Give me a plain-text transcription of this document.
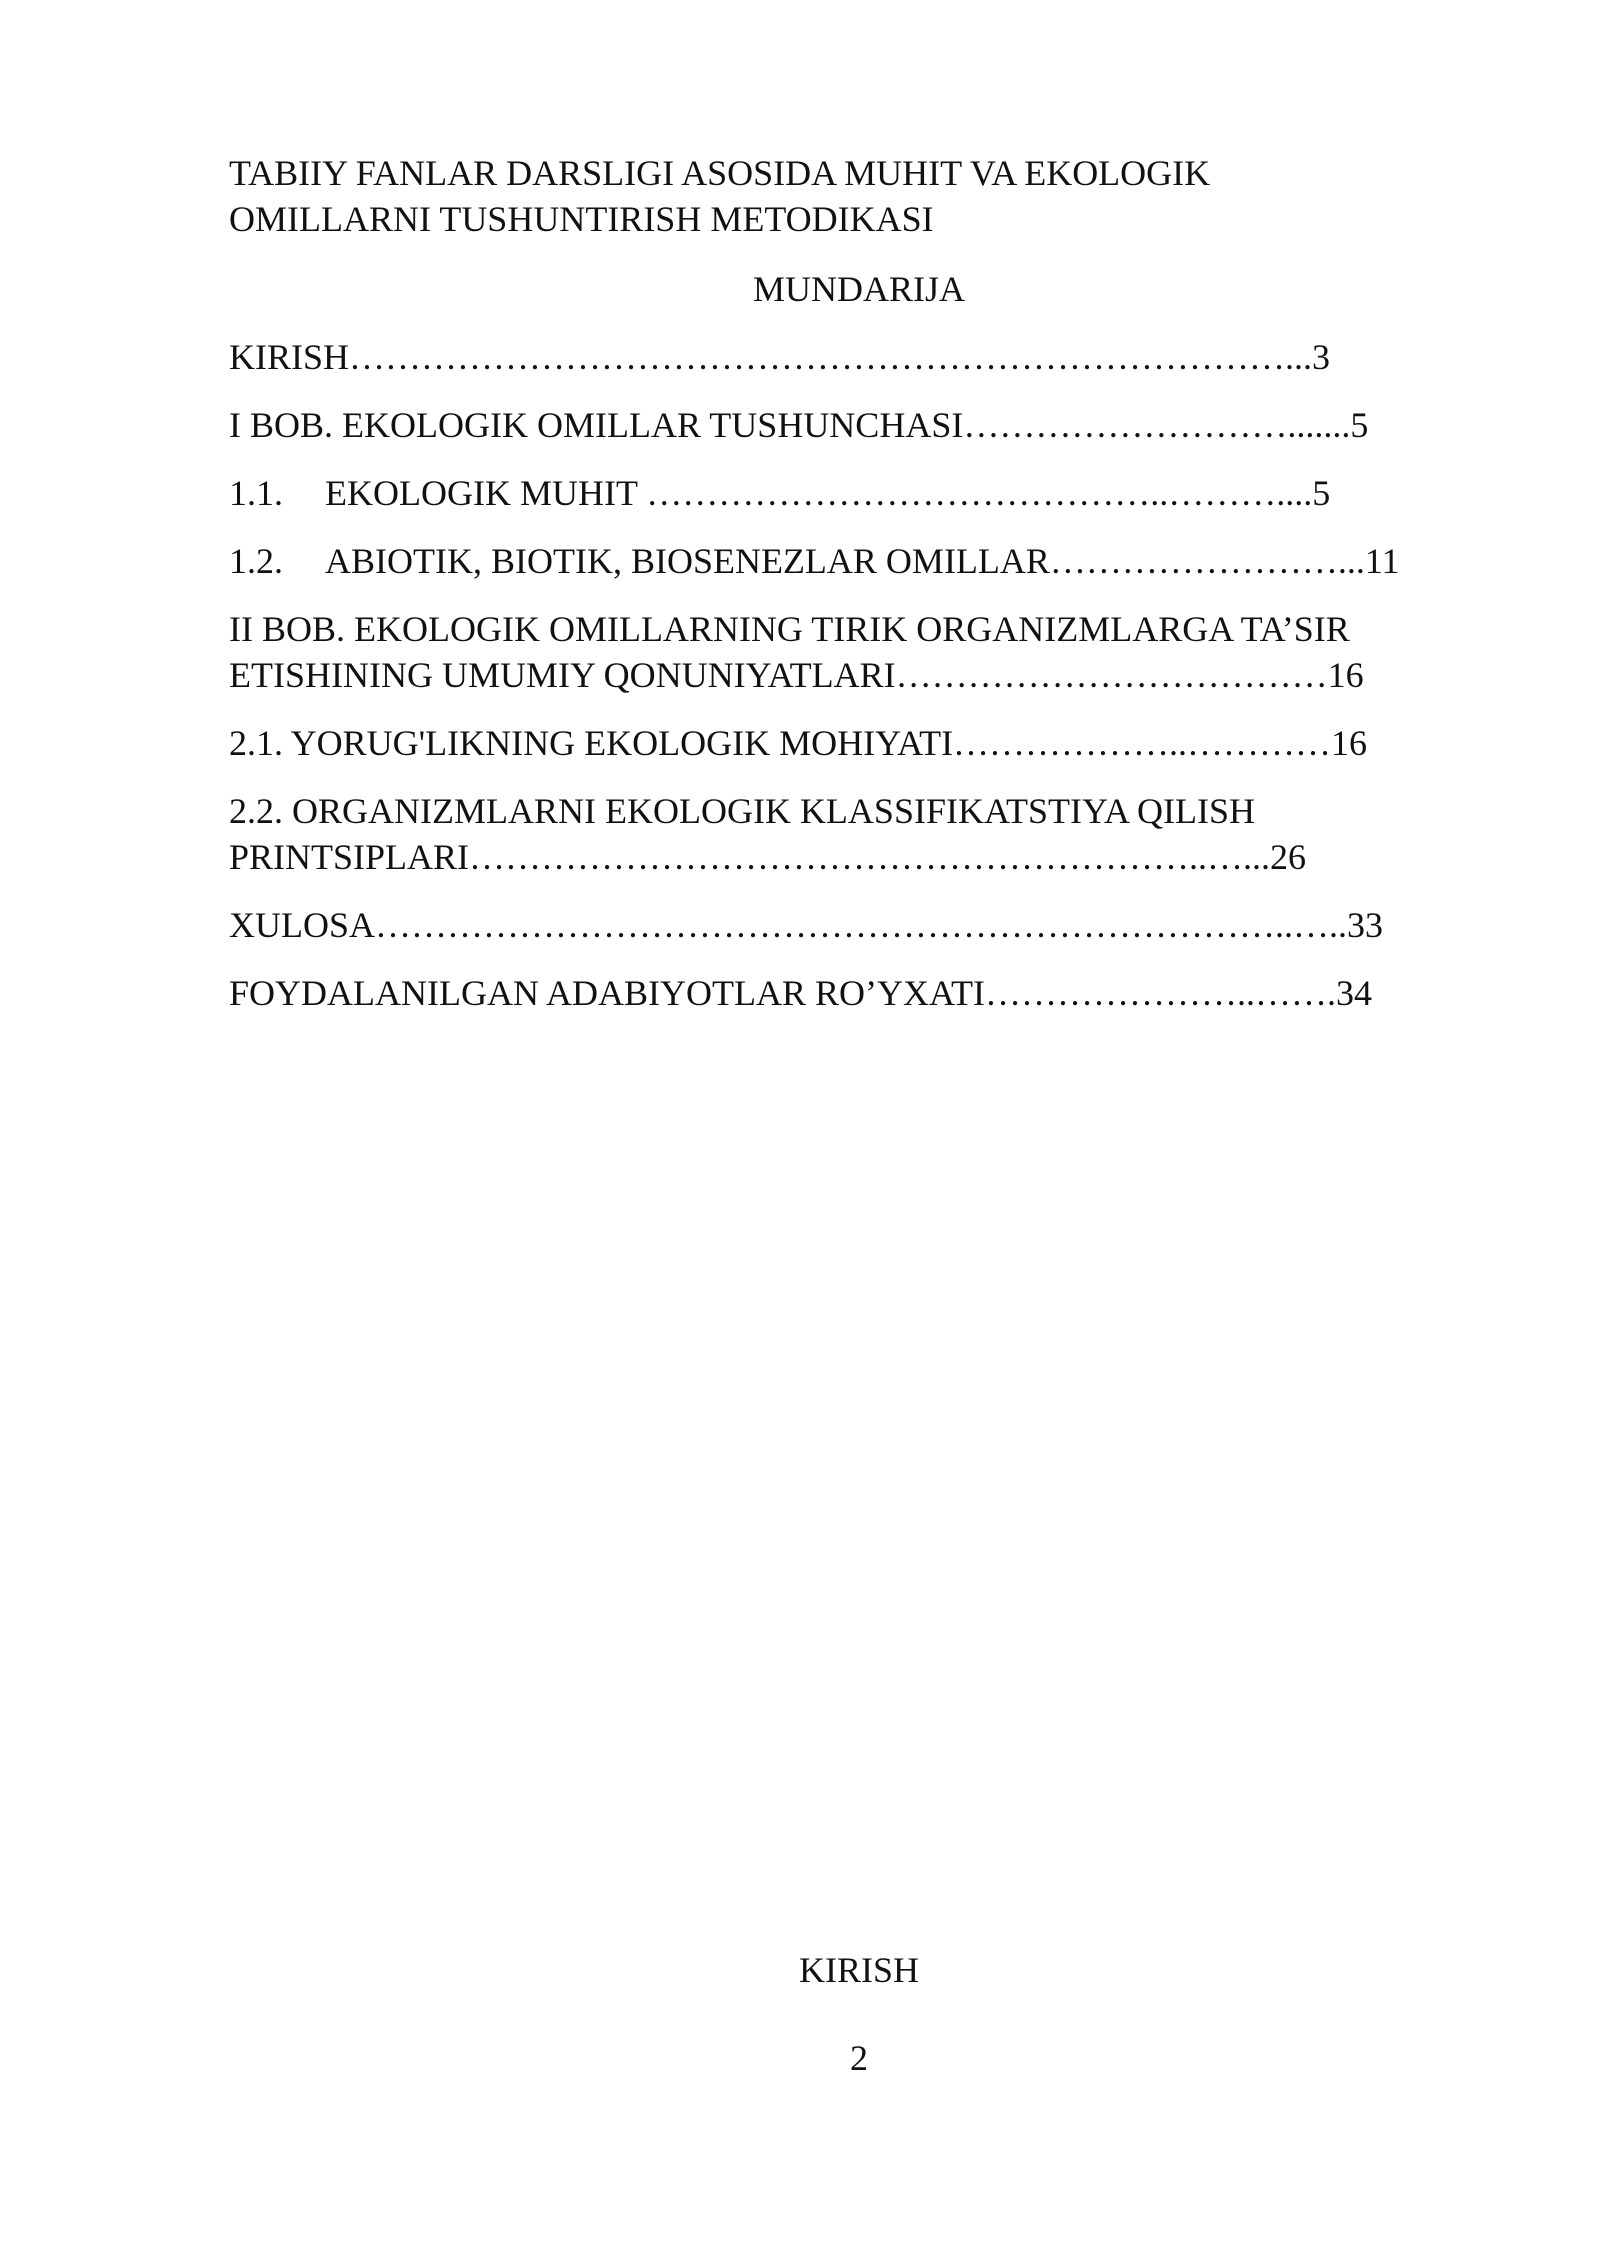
TABIIY FANLAR DARSLIGI ASOSIDA MUHIT VA EKOLOGIK
OMILLARNI TUSHUNTIRISH METODIKASI
MUNDARIJA
KIRISH……………………………………………………………………...3
I BOB. EKOLOGIK OMILLAR TUSHUNCHASI……………………….......5
1.1. EKOLOGIK MUHIT ……………………………………..………....5
1.2. ABIOTIK, BIOTIK, BIOSENEZLAR OMILLAR……………………...11
II BOB. EKOLOGIK OMILLARNING TIRIK ORGANIZMLARGA TA’SIR
ETISHINING UMUMIY QONUNIYATLARI………………………………16
2.1. YORUG'LIKNING EKOLOGIK MOHIYATI………………..…………16
2.2. ORGANIZMLARNI EKOLOGIK KLASSIFIKATSTIYA QILISH
PRINTSIPLARI……………………………………………………..…...26
XULOSA…………………………………………………………………..…..33
FOYDALANILGAN ADABIYOTLAR RO’YXATI…………………..…….34
KIRISH
2
